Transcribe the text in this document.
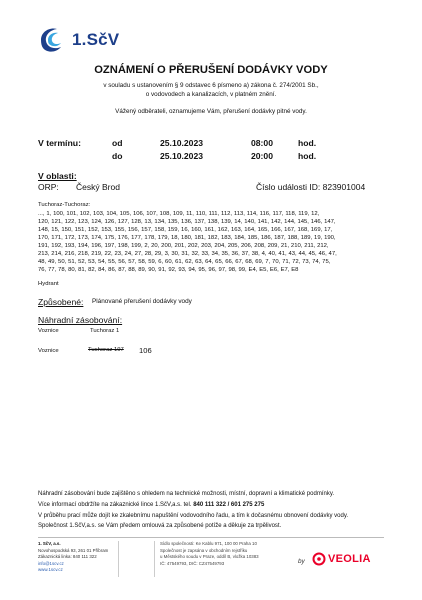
1.SčV
OZNÁMENÍ O PŘERUŠENÍ DODÁVKY VODY
v souladu s ustanovením § 9 odstavec 6 písmeno a) zákona č. 274/2001 Sb.,
o vodovodech a kanalizacích, v platném znění.
Vážený odběrateli, oznamujeme Vám, přerušení dodávky pitné vody.
V termínu:	od	25.10.2023	08:00	hod.
do	25.10.2023	20:00	hod.
V oblasti:
ORP: Český Brod	Číslo události ID: 823901004
Tuchoraz-Tuchoraz:
..., 1, 100, 101, 102, 103, 104, 105, 106, 107, 108, 109, 11, 110, 111, 112, 113, 114, 116, 117, 118, 119, 12,
120, 121, 122, 123, 124, 126, 127, 128, 13, 134, 135, 136, 137, 138, 139, 14, 140, 141, 142, 144, 145, 146, 147,
148, 15, 150, 151, 152, 153, 155, 156, 157, 158, 159, 16, 160, 161, 162, 163, 164, 165, 166, 167, 168, 169, 17,
170, 171, 172, 173, 174, 175, 176, 177, 178, 179, 18, 180, 181, 182, 183, 184, 185, 186, 187, 188, 189, 19, 190,
191, 192, 193, 194, 196, 197, 198, 199, 2, 20, 200, 201, 202, 203, 204, 205, 206, 208, 209, 21, 210, 211, 212,
213, 214, 216, 218, 219, 22, 23, 24, 27, 28, 29, 3, 30, 31, 32, 33, 34, 35, 36, 37, 38, 4, 40, 41, 43, 44, 45, 46, 47,
48, 49, 50, 51, 52, 53, 54, 55, 56, 57, 58, 59, 6, 60, 61, 62, 63, 64, 65, 66, 67, 68, 69, 7, 70, 71, 72, 73, 74, 75,
76, 77, 78, 80, 81, 82, 84, 86, 87, 88, 89, 90, 91, 92, 93, 94, 95, 96, 97, 98, 99, E4, E5, E6, E7, E8
Hydrant
Způsobené: Plánované přerušení dodávky vody
Náhradní zásobování:
Voznice	Tuchoraz 1
Voznice	Tuchoraz 197 106
Náhradní zásobování bude zajištěno s ohledem na technické možnosti, místní, dopravní a klimatické podmínky.
Více informací obdržíte na zákaznické lince 1.SčV,a.s. tel. 840 111 322 / 601 275 275
V průběhu prací může dojít ke zkalebnímu napuštění vodovodního řadu, a tím k dočasnému obnovení dodávky vody.
Společnost 1.SčV,a.s. se Vám předem omlouvá za způsobené potíže a děkuje za trpělivost.
1. SčV, a.s.
Novohospodská 93, 261 01 Příbram
Zákaznická linka: 840 111 322
info@1scv.cz
www.1scv.cz
Sídlo společnosti: Ke Kablu 971, 100 00 Praha 10
Společnost je zapsána v obchodním rejstříku
u Městského soudu v Praze, oddíl B, vložka 10383
IČ: 47549793, DIČ: CZ47549793	by VEOLIA
